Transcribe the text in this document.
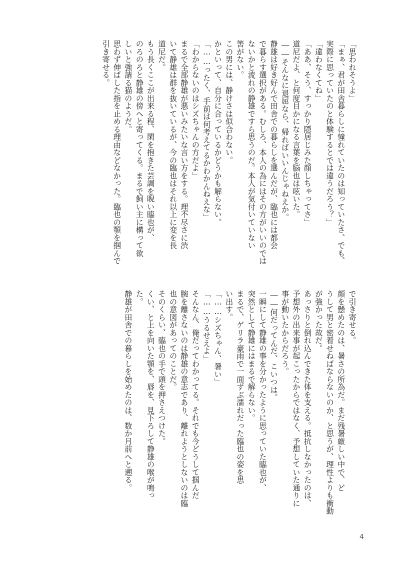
「思われそうよ」
「まぁ、君が田舎暮らしに憧れていたのは知っていたさ、でも、
実際に思っていたのと体験するとでは違うだろう？」
「違わなくてね」
「ああ、そう、すっかり隠居じみた顔しちゃってさ」
道尼だよ、と何度目かになる言葉を脳也は呟いた。
――そんなに退屈なら、帰ればいいんじゃねえか。
静雄は好き好んで田舎での暮らしを選んだが、臨也には都会
で暮らす選択がある。むしろ、本人の為にはその方がいいのでは
ないかと流れの静雄ですら思うのだ。本人が気付いていない
筈がない。
この男には、静けさは似合わない。
かといって、自分に合っているかどうかも解らない。
「……ったく、手前は何考えてるかわかんねえな」
「わからないのはシズちゃんの方だよ」
まるで全部静雄が悪いみたいな言い方をする。理不尽さに渋
いて静雄は群を抜いているが、今の臨也はそれ以上に変を長
道尼だ。
もう長くここが出来る程、閑を抱きた芸調を睨い臨也が、
のろのろと静雄の傍へと寄ってくる。まるで飼い主に構って欲
しいと強請る猫のようだ。
思わず伸ばした指を止める理由などなかった。臨也の顎を掴んで
引き寄せる。
で引き寄せる。
顔を懸めたのは、暑さの所為だ。まだ残暑厳しい中で、ど
うして男と密着せねばならないのか、と思うが、理性よりも衝動
が強かった故だ。
あっさりと倒れ込んできた体を支える。抵抗しなかったのは、
予想外の出来事が起こったからではなく、予想していた通りに
事が動いたからだろう。
――何だってんだ、こいつは。
一瞬にして静雄の事を分かったように思っていた臨也が、
突然として静雄にはまるで解らない。
まるで、ゲリラ豪雨で一面ずぶ濡れだった臨也の姿を思
い出す。
「……シズちゃん、暑い」
「……うるせえよ」
そんなん、俺だってわかってる。それでも今どうして掴んだ
腕を離さないのは静雄の意志であり、離れようとしないのは臨
也の意図があってのことだ。
そのくらい、臨也の手で頭を押さえつけた。
くい、と上を向いた顎を、唇を、見下ろして静雄の喉が鳴っ
た。
静雄が田舎での暮らしを始めたのは、数か月前へと遡る。
4
